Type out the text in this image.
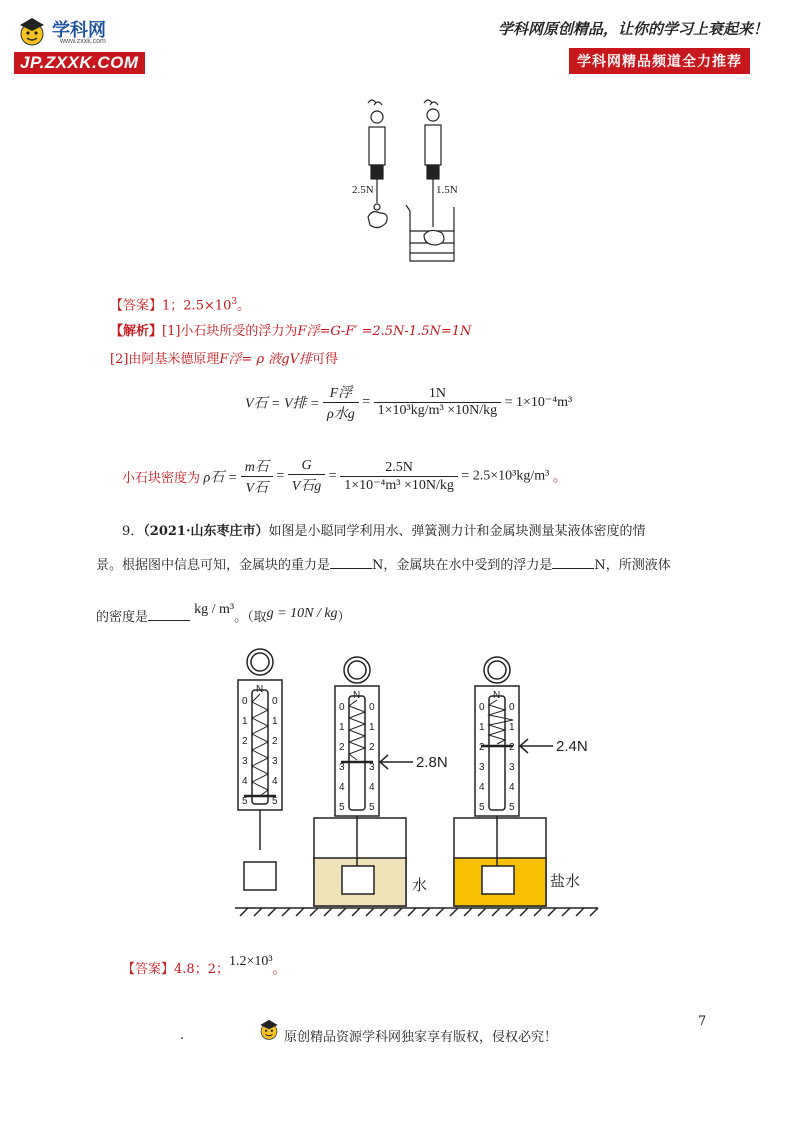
学科网
www.zxxk.com
JP.ZXXK.COM
学科网原创精品，让你的学习上衰起来！
学科网精品频道全力推荐
2.5N	1.5N
【答案】1；$2.5\times 10^3$。
【解析】[1]小石块所受的浮力为F浮=G-F′ =2.5N-1.5N=1N
[2]由阿基米德原理F浮= ρ 液gV排可得
V石 = V排 = $\frac{\text{F浮}}{\text{ρ水g}} = \frac{1N}{\text{1×10³kg/m³ ×10N/kg}} = 1\times 10^{-4}m^3$
小石块密度为 ρ石 = $\frac{\text{m石}}{\text{V石}} = \frac{G}{\text{V石g}} = \frac{2.5N}{\text{1×10⁻⁴m³ ×10N/kg}} = 2.5\times 10^3kg/m^3$ 。
9．（2021·山东枣庄市）如图是小聪同学利用水、弹簧测力计和金属块测量某液体密度的情
景。根据图中信息可知，金属块的重力是	N，金属块在水中受到的浮力是	N，所测液体
的密度是 kg / m³。（取g = 10N / kg）
N
0 0
1 1
2 2
3 3
4 4
5 5
N
0 0
1 1
2 2
3 3
4 4
5 5
N
0 0
1 1
2 2
3 3
4 4
5 5
2.8N
2.4N
水	盐水
【答案】4.8；2；1.2×10³。
7
.	原创精品资源学科网独家享有版权，侵权必究！
